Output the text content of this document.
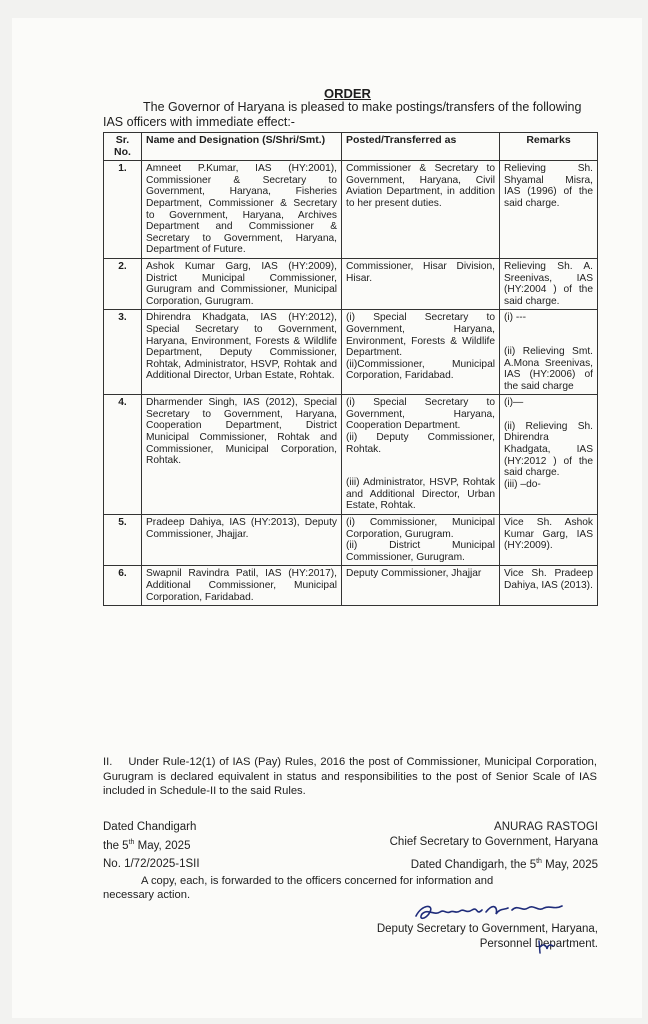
ORDER
The Governor of Haryana is pleased to make postings/transfers of the following
IAS officers with immediate effect:-
Sr. No.	Name and Designation (S/Shri/Smt.)	Posted/Transferred as	Remarks
1.	Amneet P.Kumar, IAS (HY:2001), Commissioner & Secretary to Government, Haryana, Fisheries Department, Commissioner & Secretary to Government, Haryana, Archives Department and Commissioner & Secretary to Government, Haryana, Department of Future.	Commissioner & Secretary to Government, Haryana, Civil Aviation Department, in addition to her present duties.	Relieving Sh. Shyamal Misra, IAS (1996) of the said charge.
2.	Ashok Kumar Garg, IAS (HY:2009), District Municipal Commissioner, Gurugram and Commissioner, Municipal Corporation, Gurugram.	Commissioner, Hisar Division, Hisar.	Relieving Sh. A. Sreenivas, IAS (HY:2004 ) of the said charge.
3.	Dhirendra Khadgata, IAS (HY:2012), Special Secretary to Government, Haryana, Environment, Forests & Wildlife Department, Deputy Commissioner, Rohtak, Administrator, HSVP, Rohtak and Additional Director, Urban Estate, Rohtak.	(i) Special Secretary to Government, Haryana, Environment, Forests & Wildlife Department.
(ii)Commissioner, Municipal Corporation, Faridabad.	(i) ---
(ii) Relieving Smt. A.Mona Sreenivas, IAS (HY:2006) of the said charge

4.	Dharmender Singh, IAS (2012), Special Secretary to Government, Haryana, Cooperation Department, District Municipal Commissioner, Rohtak and Commissioner, Municipal Corporation, Rohtak.	(i) Special Secretary to Government, Haryana, Cooperation Department.
(ii) Deputy Commissioner, Rohtak.
(iii) Administrator, HSVP, Rohtak and Additional Director, Urban Estate, Rohtak.	(i)—
(ii) Relieving Sh. Dhirendra Khadgata, IAS (HY:2012 ) of the said charge.
(iii) –do-

5.	Pradeep Dahiya, IAS (HY:2013), Deputy Commissioner, Jhajjar.	(i) Commissioner, Municipal Corporation, Gurugram.
(ii) District Municipal Commissioner, Gurugram.	Vice Sh. Ashok Kumar Garg, IAS (HY:2009).
6.	Swapnil Ravindra Patil, IAS (HY:2017), Additional Commissioner, Municipal Corporation, Faridabad.	Deputy Commissioner, Jhajjar	Vice Sh. Pradeep Dahiya, IAS (2013).
II. Under Rule-12(1) of IAS (Pay) Rules, 2016 the post of Commissioner, Municipal Corporation, Gurugram is declared equivalent in status and responsibilities to the post of Senior Scale of IAS included in Schedule-II to the said Rules.
Dated Chandigarh
the 5th May, 2025
ANURAG RASTOGI
Chief Secretary to Government, Haryana
No. 1/72/2025-1SII	Dated Chandigarh, the 5th May, 2025
A copy, each, is forwarded to the officers concerned for information and
necessary action.
Deputy Secretary to Government, Haryana,
Personnel Department.
